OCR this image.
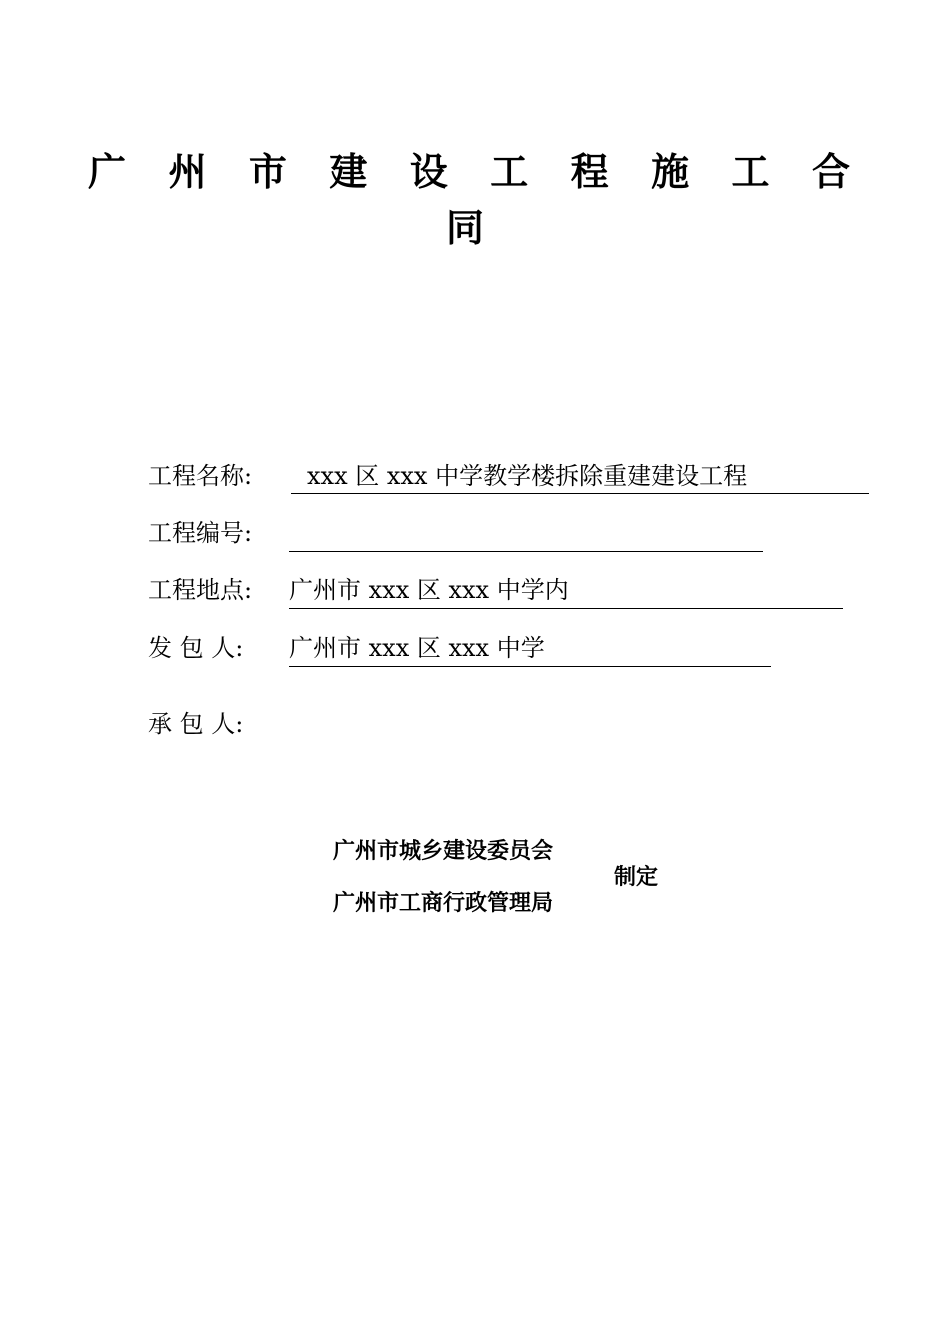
广 州 市 建 设 工 程 施 工 合
同
工程名称:	xxx 区 xxx 中学教学楼拆除重建建设工程
工程编号:
工程地点: 广州市 xxx 区 xxx 中学内
发 包 人: 广州市 xxx 区 xxx 中学
承 包 人:
广州市城乡建设委员会
广州市工商行政管理局
制定
